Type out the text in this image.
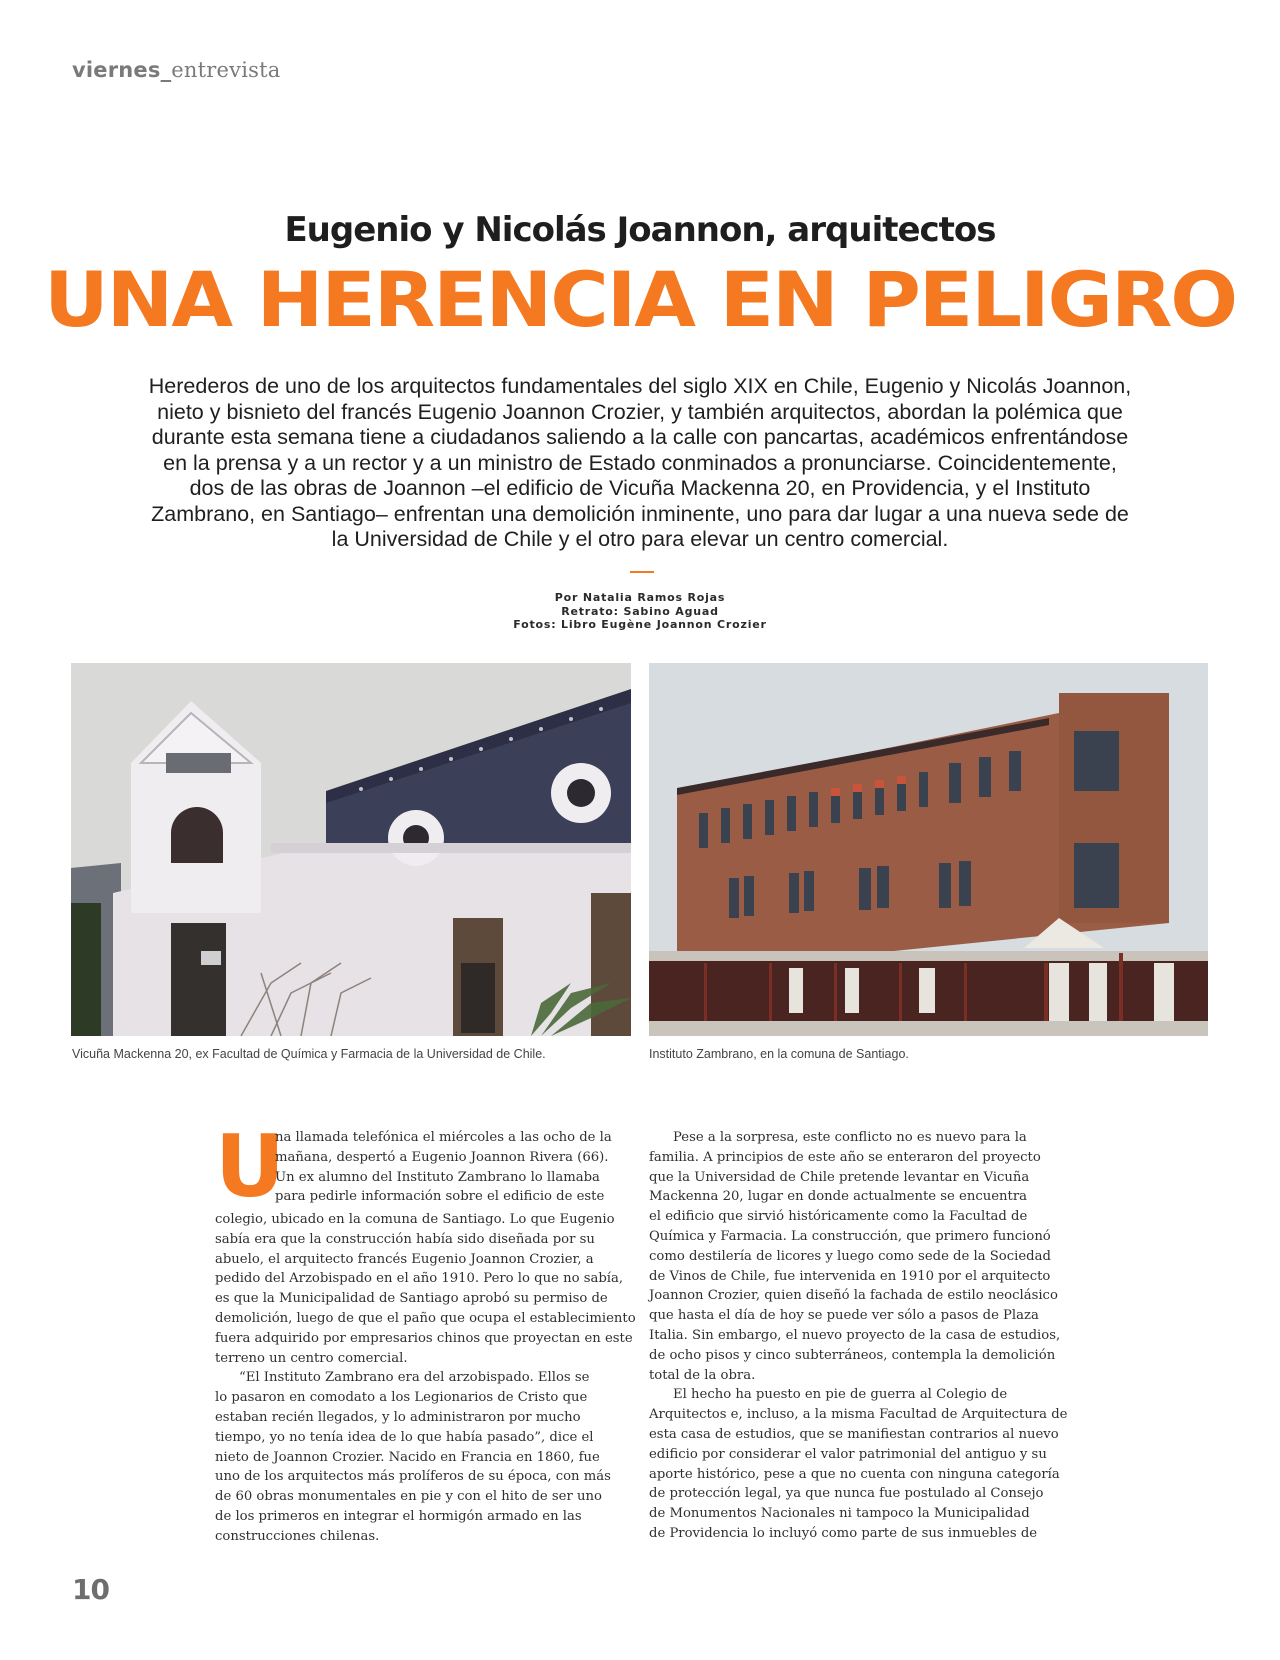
viernes_entrevista
Eugenio y Nicolás Joannon, arquitectos
UNA HERENCIA EN PELIGRO
Herederos de uno de los arquitectos fundamentales del siglo XIX en Chile, Eugenio y Nicolás Joannon,
nieto y bisnieto del francés Eugenio Joannon Crozier, y también arquitectos, abordan la polémica que
durante esta semana tiene a ciudadanos saliendo a la calle con pancartas, académicos enfrentándose
en la prensa y a un rector y a un ministro de Estado conminados a pronunciarse. Coincidentemente,
dos de las obras de Joannon –el edificio de Vicuña Mackenna 20, en Providencia, y el Instituto
Zambrano, en Santiago– enfrentan una demolición inminente, uno para dar lugar a una nueva sede de
la Universidad de Chile y el otro para elevar un centro comercial.
Por Natalia Ramos Rojas
Retrato: Sabino Aguad
Fotos: Libro Eugène Joannon Crozier
Vicuña Mackenna 20, ex Facultad de Química y Farmacia de la Universidad de Chile.	Instituto Zambrano, en la comuna de Santiago.
U
na llamada telefónica el miércoles a las ocho de la
mañana, despertó a Eugenio Joannon Rivera (66).
Un ex alumno del Instituto Zambrano lo llamaba
para pedirle información sobre el edificio de este

colegio, ubicado en la comuna de Santiago. Lo que Eugenio
sabía era que la construcción había sido diseñada por su
abuelo, el arquitecto francés Eugenio Joannon Crozier, a
pedido del Arzobispado en el año 1910. Pero lo que no sabía,
es que la Municipalidad de Santiago aprobó su permiso de
demolición, luego de que el paño que ocupa el establecimiento
fuera adquirido por empresarios chinos que proyectan en este
terreno un centro comercial.

“El Instituto Zambrano era del arzobispado. Ellos se
lo pasaron en comodato a los Legionarios de Cristo que
estaban recién llegados, y lo administraron por mucho
tiempo, yo no tenía idea de lo que había pasado”, dice el
nieto de Joannon Crozier. Nacido en Francia en 1860, fue
uno de los arquitectos más prolíferos de su época, con más
de 60 obras monumentales en pie y con el hito de ser uno
de los primeros en integrar el hormigón armado en las
construcciones chilenas.

Pese a la sorpresa, este conflicto no es nuevo para la
familia. A principios de este año se enteraron del proyecto
que la Universidad de Chile pretende levantar en Vicuña
Mackenna 20, lugar en donde actualmente se encuentra
el edificio que sirvió históricamente como la Facultad de
Química y Farmacia. La construcción, que primero funcionó
como destilería de licores y luego como sede de la Sociedad
de Vinos de Chile, fue intervenida en 1910 por el arquitecto
Joannon Crozier, quien diseñó la fachada de estilo neoclásico
que hasta el día de hoy se puede ver sólo a pasos de Plaza
Italia. Sin embargo, el nuevo proyecto de la casa de estudios,
de ocho pisos y cinco subterráneos, contempla la demolición
total de la obra.

El hecho ha puesto en pie de guerra al Colegio de
Arquitectos e, incluso, a la misma Facultad de Arquitectura de
esta casa de estudios, que se manifiestan contrarios al nuevo
edificio por considerar el valor patrimonial del antiguo y su
aporte histórico, pese a que no cuenta con ninguna categoría
de protección legal, ya que nunca fue postulado al Consejo
de Monumentos Nacionales ni tampoco la Municipalidad
de Providencia lo incluyó como parte de sus inmuebles de

10
